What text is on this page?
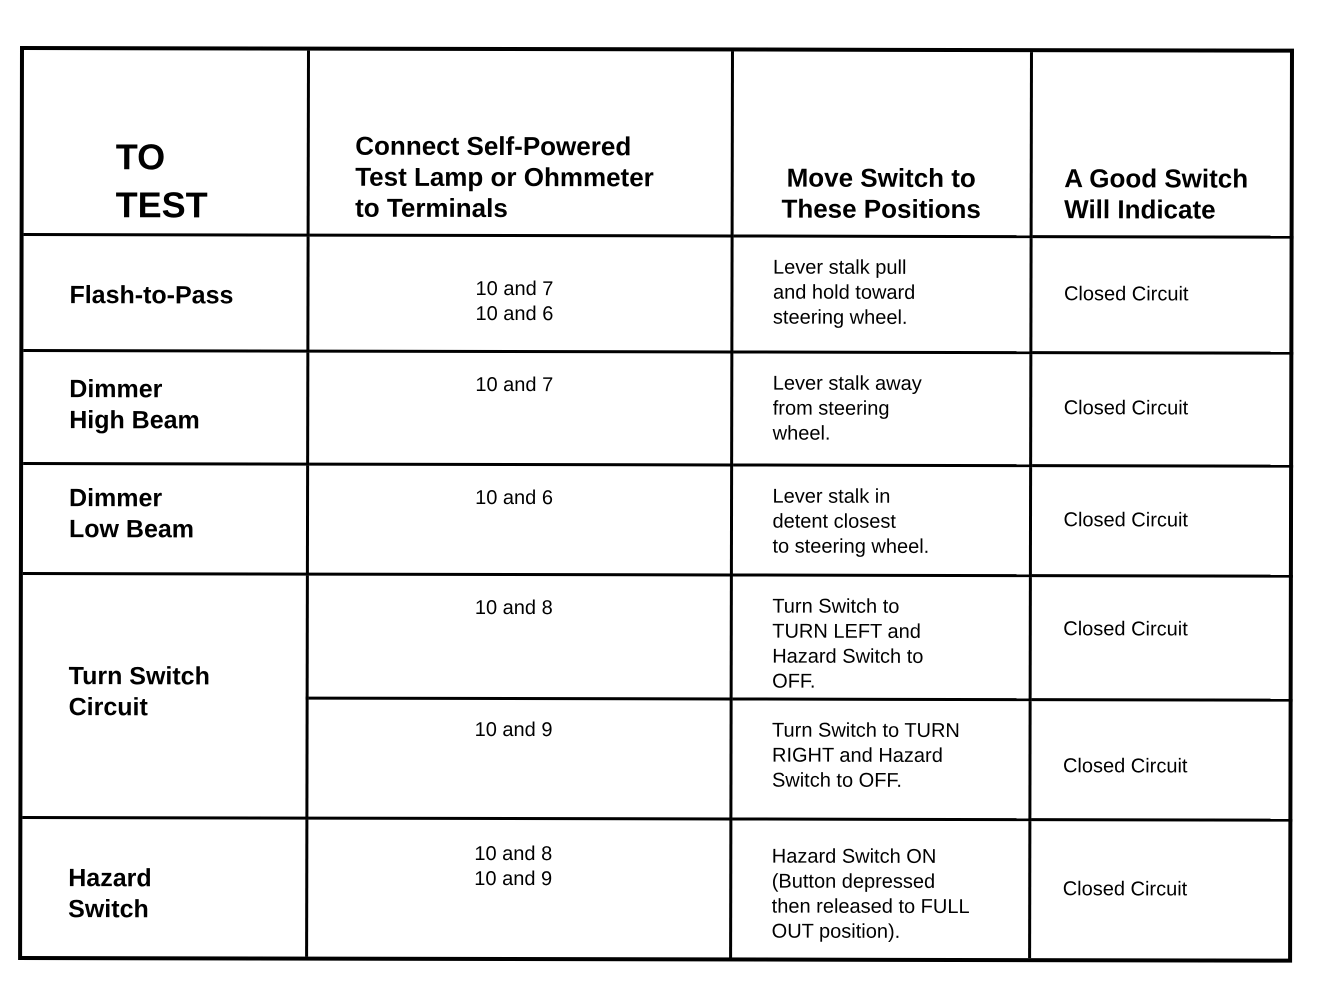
TO
TEST	Connect Self-Powered
Test Lamp or Ohmmeter
to Terminals	Move Switch to
These Positions	A Good Switch
Will Indicate

Flash-to-Pass	10 and 7
10 and 6	Lever stalk pull
and hold toward
steering wheel.	Closed Circuit

Dimmer
High Beam	10 and 7	Lever stalk away
from steering
wheel.	Closed Circuit

Dimmer
Low Beam	10 and 6	Lever stalk in
detent closest
to steering wheel.	Closed Circuit

Turn Switch
Circuit	10 and 8	Turn Switch to
TURN LEFT and
Hazard Switch to
OFF.	Closed Circuit

	10 and 9	Turn Switch to TURN
RIGHT and Hazard
Switch to OFF.	Closed Circuit

Hazard
Switch	10 and 8
10 and 9	Hazard Switch ON
(Button depressed
then released to FULL
OUT position).	Closed Circuit
